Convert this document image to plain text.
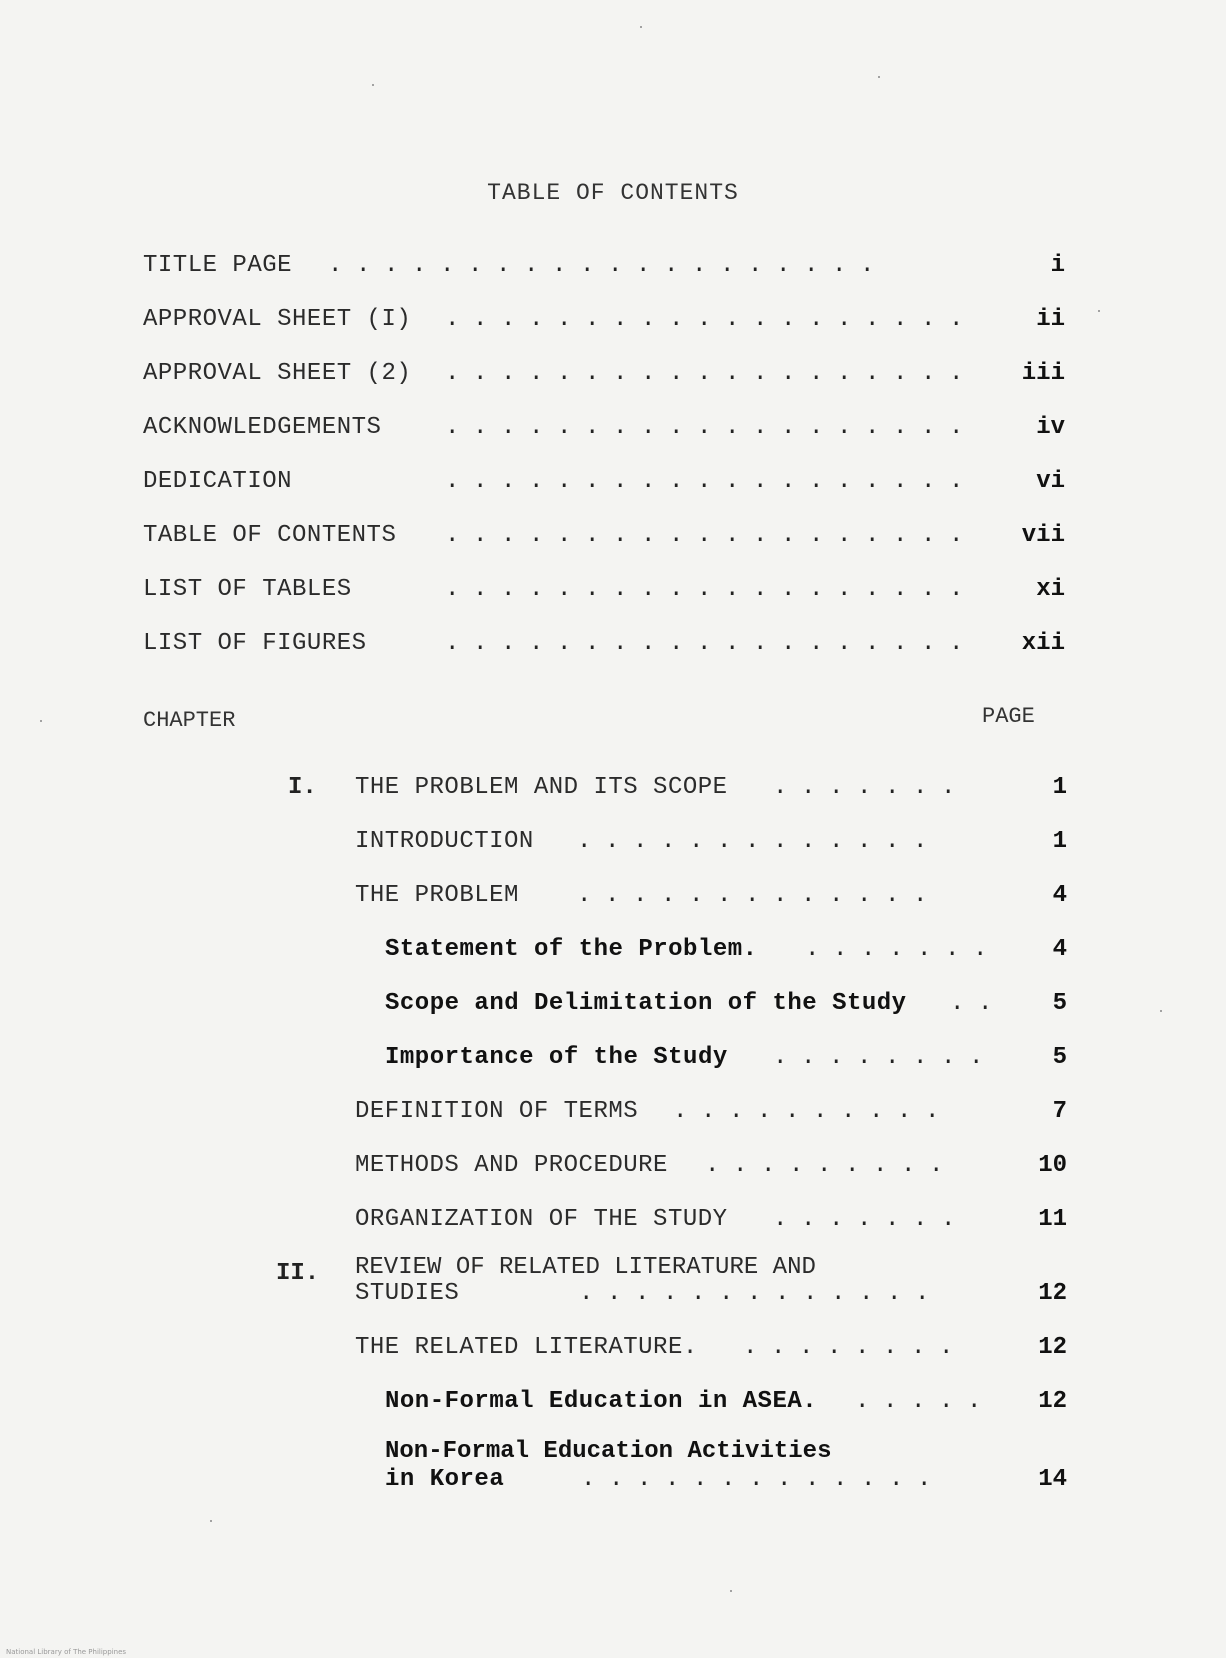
TABLE OF CONTENTS
TITLE PAGE ....................	i
APPROVAL SHEET (I) ................... ii
APPROVAL SHEET (2) ................... iii
ACKNOWLEDGEMENTS	................... iv
DEDICATION	................... vi
TABLE OF CONTENTS ................... vii
LIST OF TABLES	................... xi
LIST OF FIGURES	................... xii
CHAPTER	PAGE
I. THE PROBLEM AND ITS SCOPE .......	1
INTRODUCTION .............	1
THE PROBLEM .............	4
Statement of the Problem. ....... 4
Scope and Delimitation of the Study .. 5
Importance of the Study ........ 5
DEFINITION OF TERMS ..........	7
METHODS AND PROCEDURE .........	10
ORGANIZATION OF THE STUDY .......	11
II. REVIEW OF RELATED LITERATURE AND
STUDIES	.............	12
THE RELATED LITERATURE. ........	12
Non-Formal Education in ASEA. ..... 12
Non-Formal Education Activities
in Korea	.............	14
National Library of The Philippines
